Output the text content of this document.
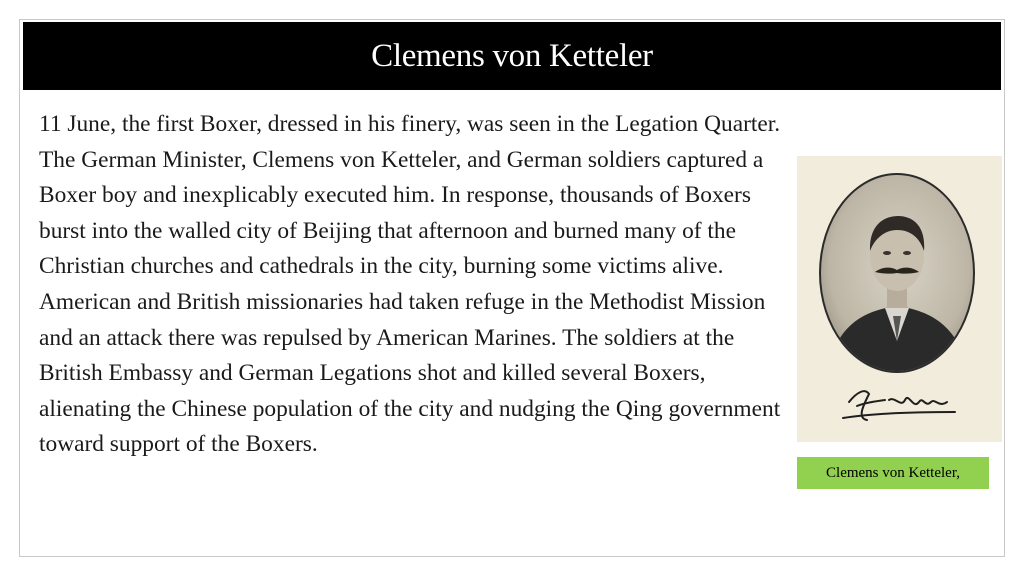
Clemens von Ketteler

11 June, the first Boxer, dressed in his finery, was seen in the Legation Quarter. The German Minister, Clemens von Ketteler, and German soldiers captured a Boxer boy and inexplicably executed him. In response, thousands of Boxers burst into the walled city of Beijing that afternoon and burned many of the Christian churches and cathedrals in the city, burning some victims alive. American and British missionaries had taken refuge in the Methodist Mission and an attack there was repulsed by American Marines. The soldiers at the British Embassy and German Legations shot and killed several Boxers, alienating the Chinese population of the city and nudging the Qing government toward support of the Boxers.

Clemens von Ketteler,
